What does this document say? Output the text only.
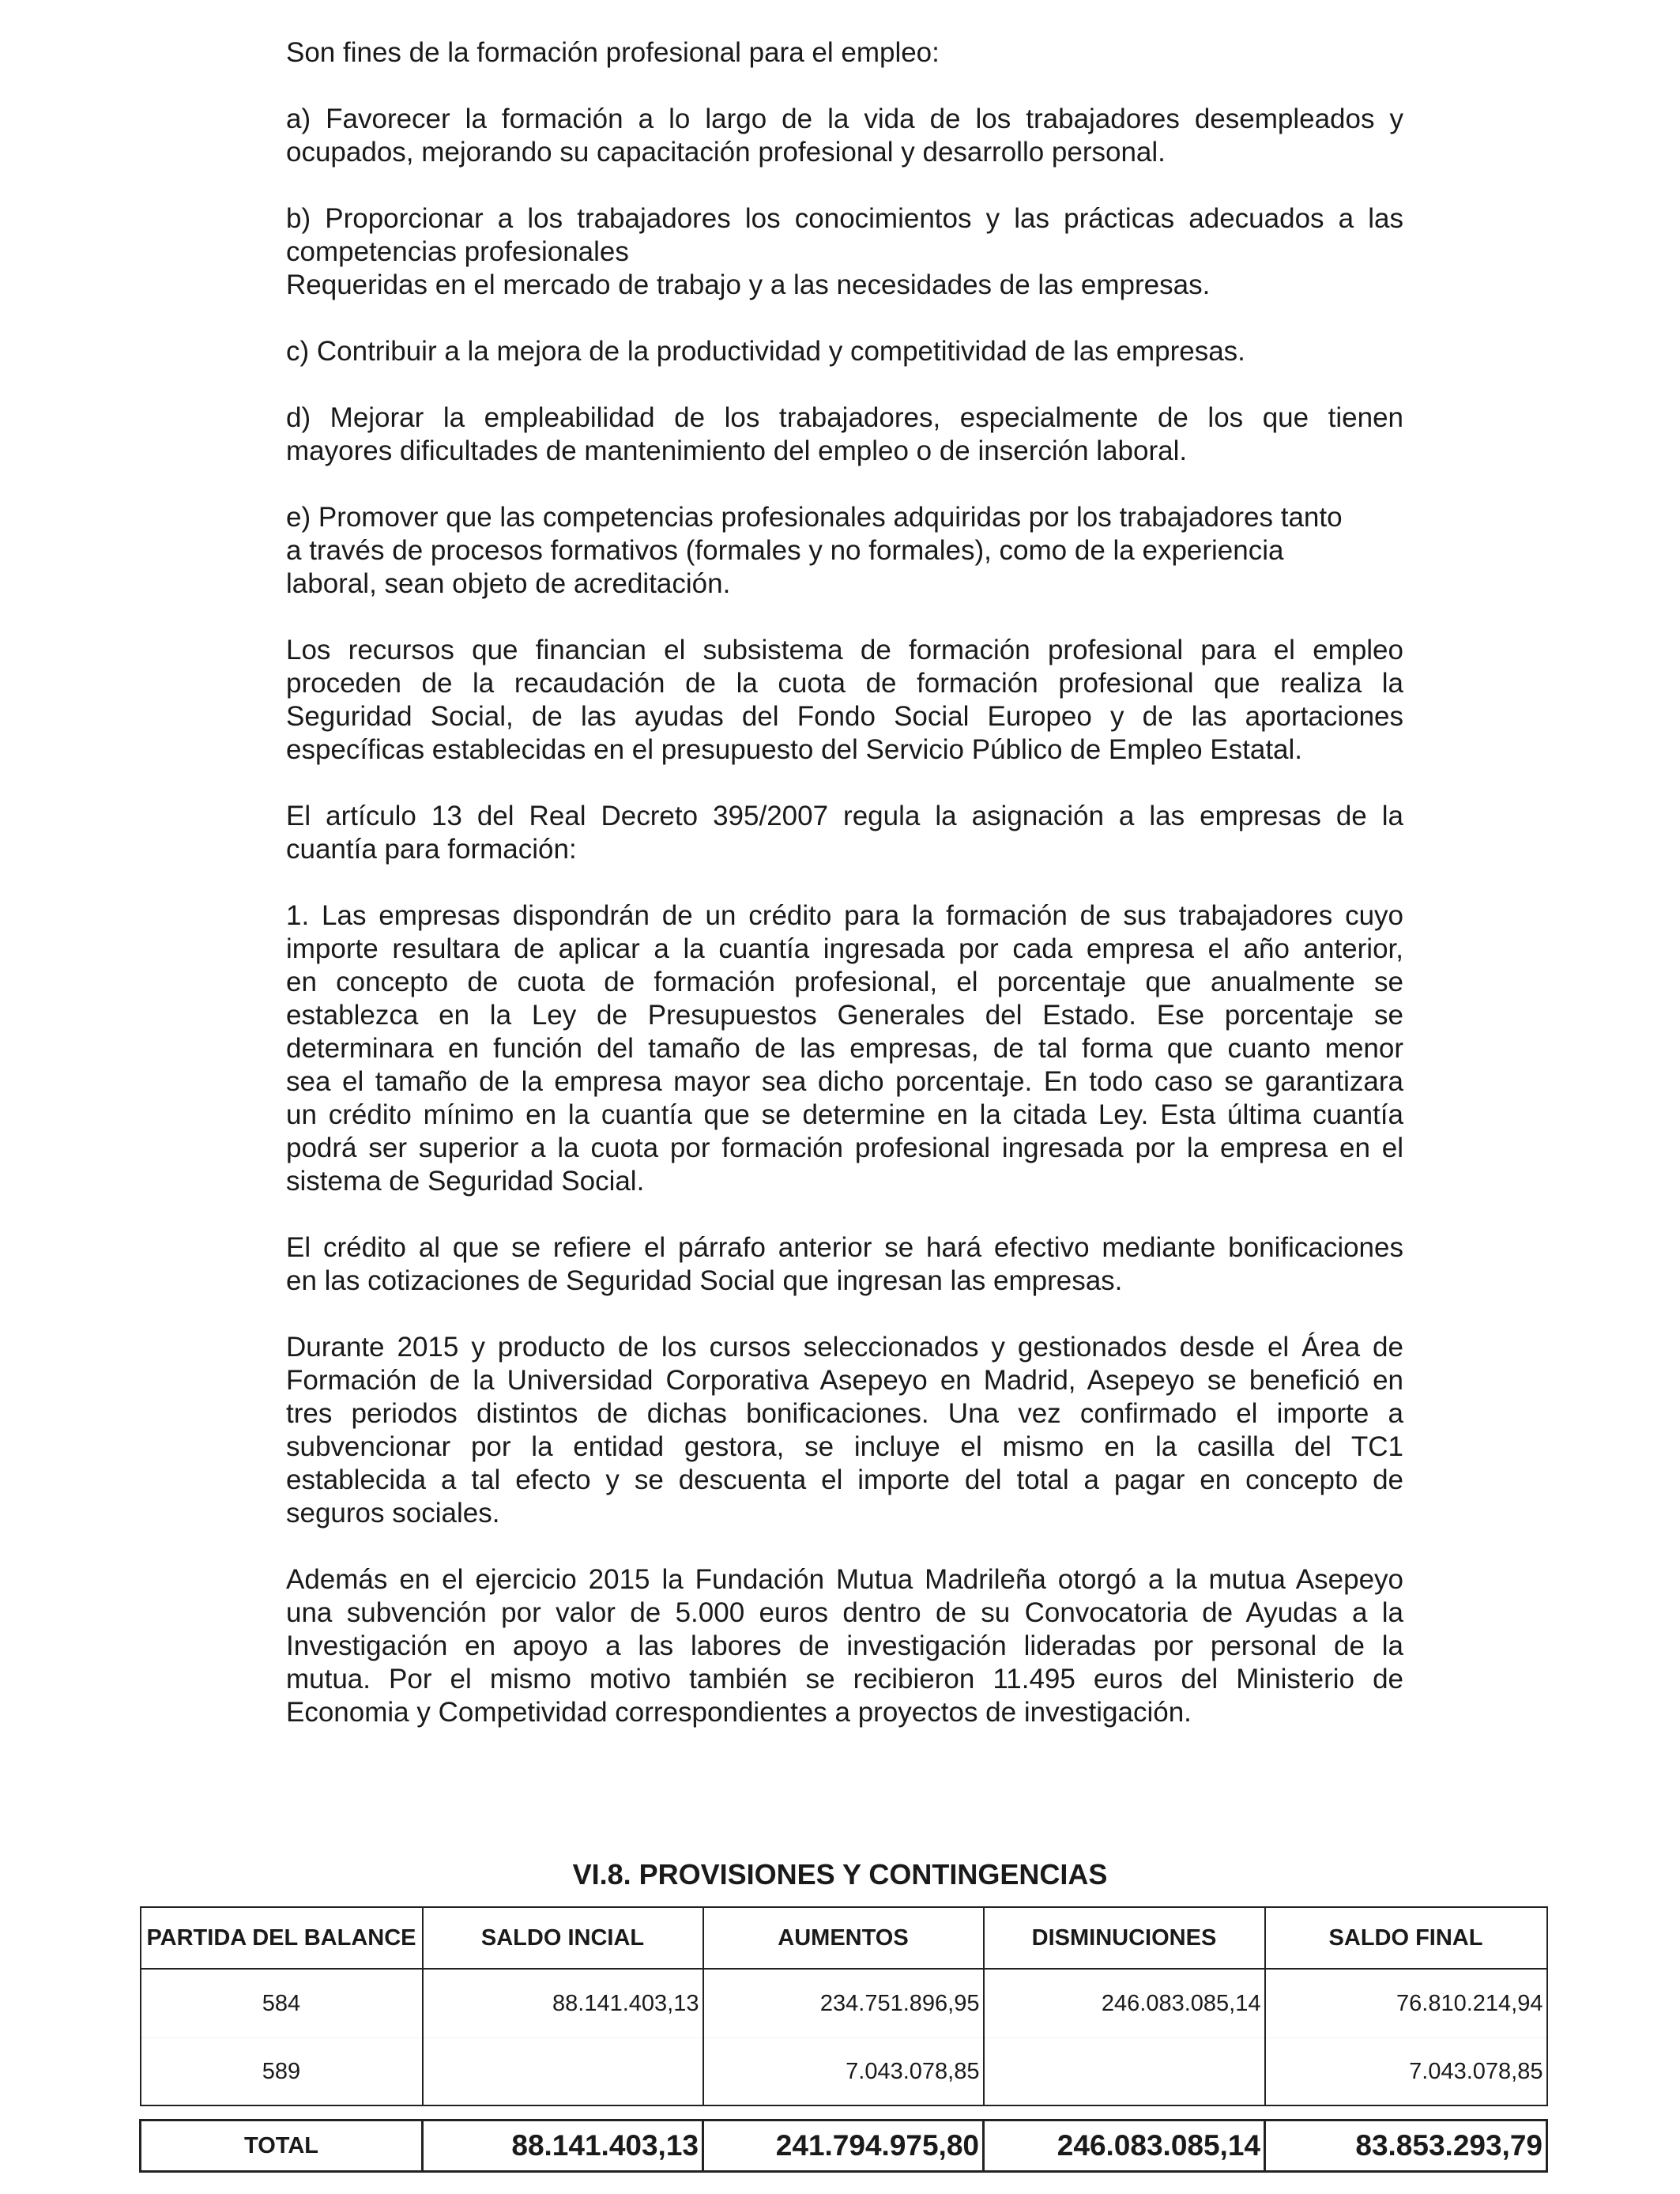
Son fines de la formación profesional para el empleo:

a) Favorecer la formación a lo largo de la vida de los trabajadores desempleados y
ocupados, mejorando su capacitación profesional y desarrollo personal.

b) Proporcionar a los trabajadores los conocimientos y las prácticas adecuados a las
competencias profesionales
Requeridas en el mercado de trabajo y a las necesidades de las empresas.

c) Contribuir a la mejora de la productividad y competitividad de las empresas.

d) Mejorar la empleabilidad de los trabajadores, especialmente de los que tienen
mayores dificultades de mantenimiento del empleo o de inserción laboral.

e) Promover que las competencias profesionales adquiridas por los trabajadores tanto
a través de procesos formativos (formales y no formales), como de la experiencia
laboral, sean objeto de acreditación.

Los recursos que financian el subsistema de formación profesional para el empleo
proceden de la recaudación de la cuota de formación profesional que realiza la
Seguridad Social, de las ayudas del Fondo Social Europeo y de las aportaciones
específicas establecidas en el presupuesto del Servicio Público de Empleo Estatal.

El artículo 13 del Real Decreto 395/2007 regula la asignación a las empresas de la
cuantía para formación:

1. Las empresas dispondrán de un crédito para la formación de sus trabajadores cuyo
importe resultara de aplicar a la cuantía ingresada por cada empresa el año anterior,
en concepto de cuota de formación profesional, el porcentaje que anualmente se
establezca en la Ley de Presupuestos Generales del Estado. Ese porcentaje se
determinara en función del tamaño de las empresas, de tal forma que cuanto menor
sea el tamaño de la empresa mayor sea dicho porcentaje. En todo caso se garantizara
un crédito mínimo en la cuantía que se determine en la citada Ley. Esta última cuantía
podrá ser superior a la cuota por formación profesional ingresada por la empresa en el
sistema de Seguridad Social.

El crédito al que se refiere el párrafo anterior se hará efectivo mediante bonificaciones
en las cotizaciones de Seguridad Social que ingresan las empresas.

Durante 2015 y producto de los cursos seleccionados y gestionados desde el Área de
Formación de la Universidad Corporativa Asepeyo en Madrid, Asepeyo se benefició en
tres periodos distintos de dichas bonificaciones. Una vez confirmado el importe a
subvencionar por la entidad gestora, se incluye el mismo en la casilla del TC1
establecida a tal efecto y se descuenta el importe del total a pagar en concepto de
seguros sociales.

Además en el ejercicio 2015 la Fundación Mutua Madrileña otorgó a la mutua Asepeyo
una subvención por valor de 5.000 euros dentro de su Convocatoria de Ayudas a la
Investigación en apoyo a las labores de investigación lideradas por personal de la
mutua. Por el mismo motivo también se recibieron 11.495 euros del Ministerio de
Economia y Competividad correspondientes a proyectos de investigación.

VI.8. PROVISIONES Y CONTINGENCIAS
PARTIDA DEL BALANCE	SALDO INCIAL	AUMENTOS	DISMINUCIONES	SALDO FINAL
584	88.141.403,13	234.751.896,95	246.083.085,14	76.810.214,94
589		7.043.078,85		7.043.078,85

TOTAL	88.141.403,13	241.794.975,80	246.083.085,14	83.853.293,79
